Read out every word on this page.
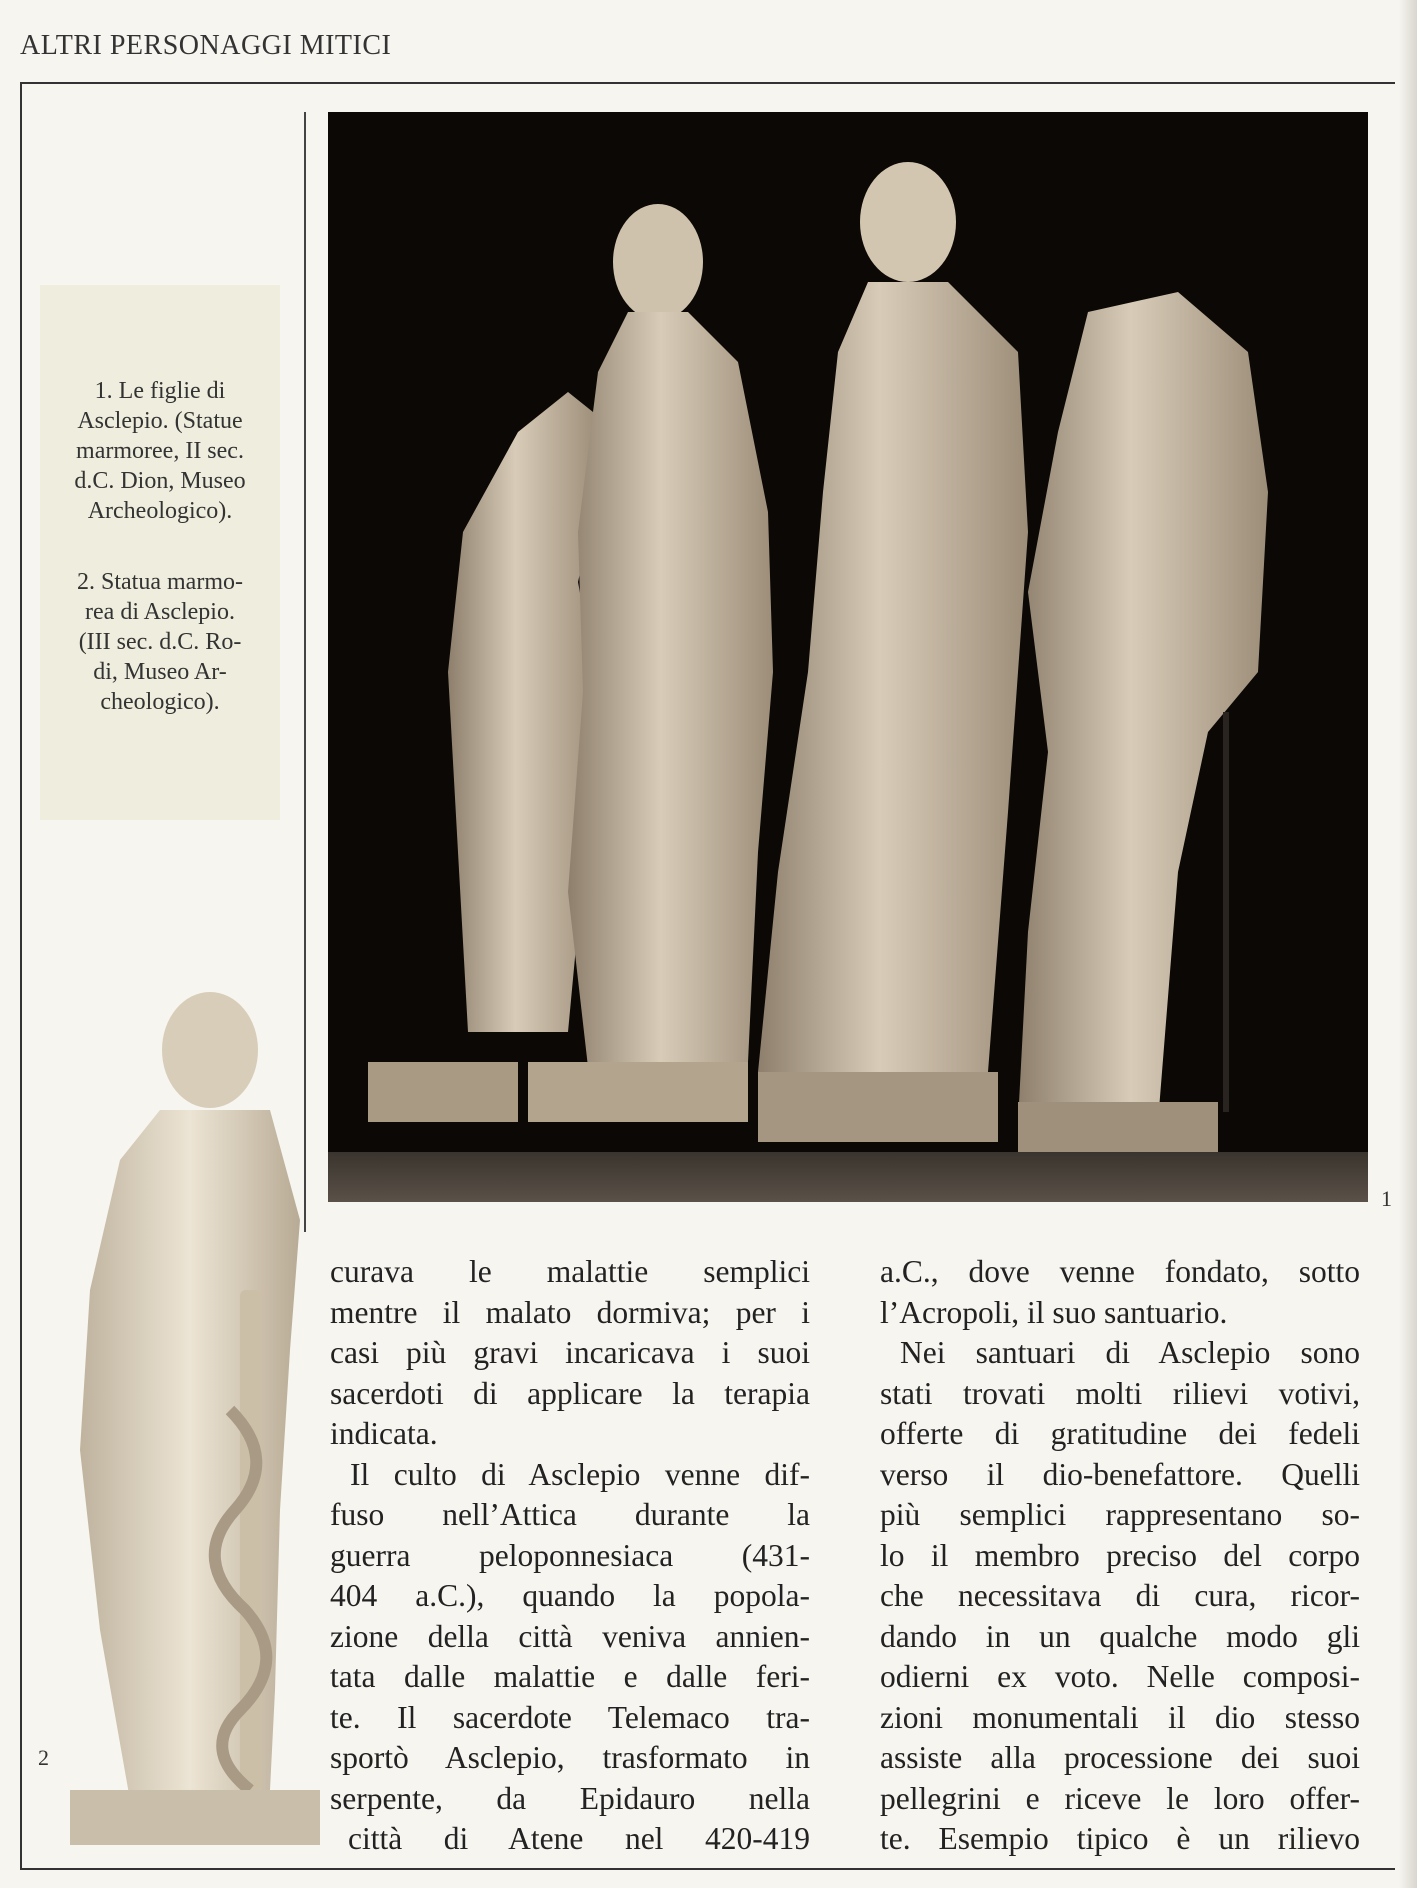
ALTRI PERSONAGGI MITICI
1. Le figlie di
Asclepio. (Statue
marmoree, II sec.
d.C. Dion, Museo
Archeologico).
2. Statua marmo-
rea di Asclepio.
(III sec. d.C. Ro-
di, Museo Ar-
cheologico).
1
2
curava le malattie semplici
mentre il malato dormiva; per i
casi più gravi incaricava i suoi
sacerdoti di applicare la terapia
indicata.
Il culto di Asclepio venne dif-
fuso nell’Attica durante la
guerra peloponnesiaca (431-
404 a.C.), quando la popola-
zione della città veniva annien-
tata dalle malattie e dalle feri-
te. Il sacerdote Telemaco tra-
sportò Asclepio, trasformato in
serpente, da Epidauro nella
città di Atene nel 420-419
a.C., dove venne fondato, sotto
l’Acropoli, il suo santuario.
Nei santuari di Asclepio sono
stati trovati molti rilievi votivi,
offerte di gratitudine dei fedeli
verso il dio-benefattore. Quelli
più semplici rappresentano so-
lo il membro preciso del corpo
che necessitava di cura, ricor-
dando in un qualche modo gli
odierni ex voto. Nelle composi-
zioni monumentali il dio stesso
assiste alla processione dei suoi
pellegrini e riceve le loro offer-
te. Esempio tipico è un rilievo
